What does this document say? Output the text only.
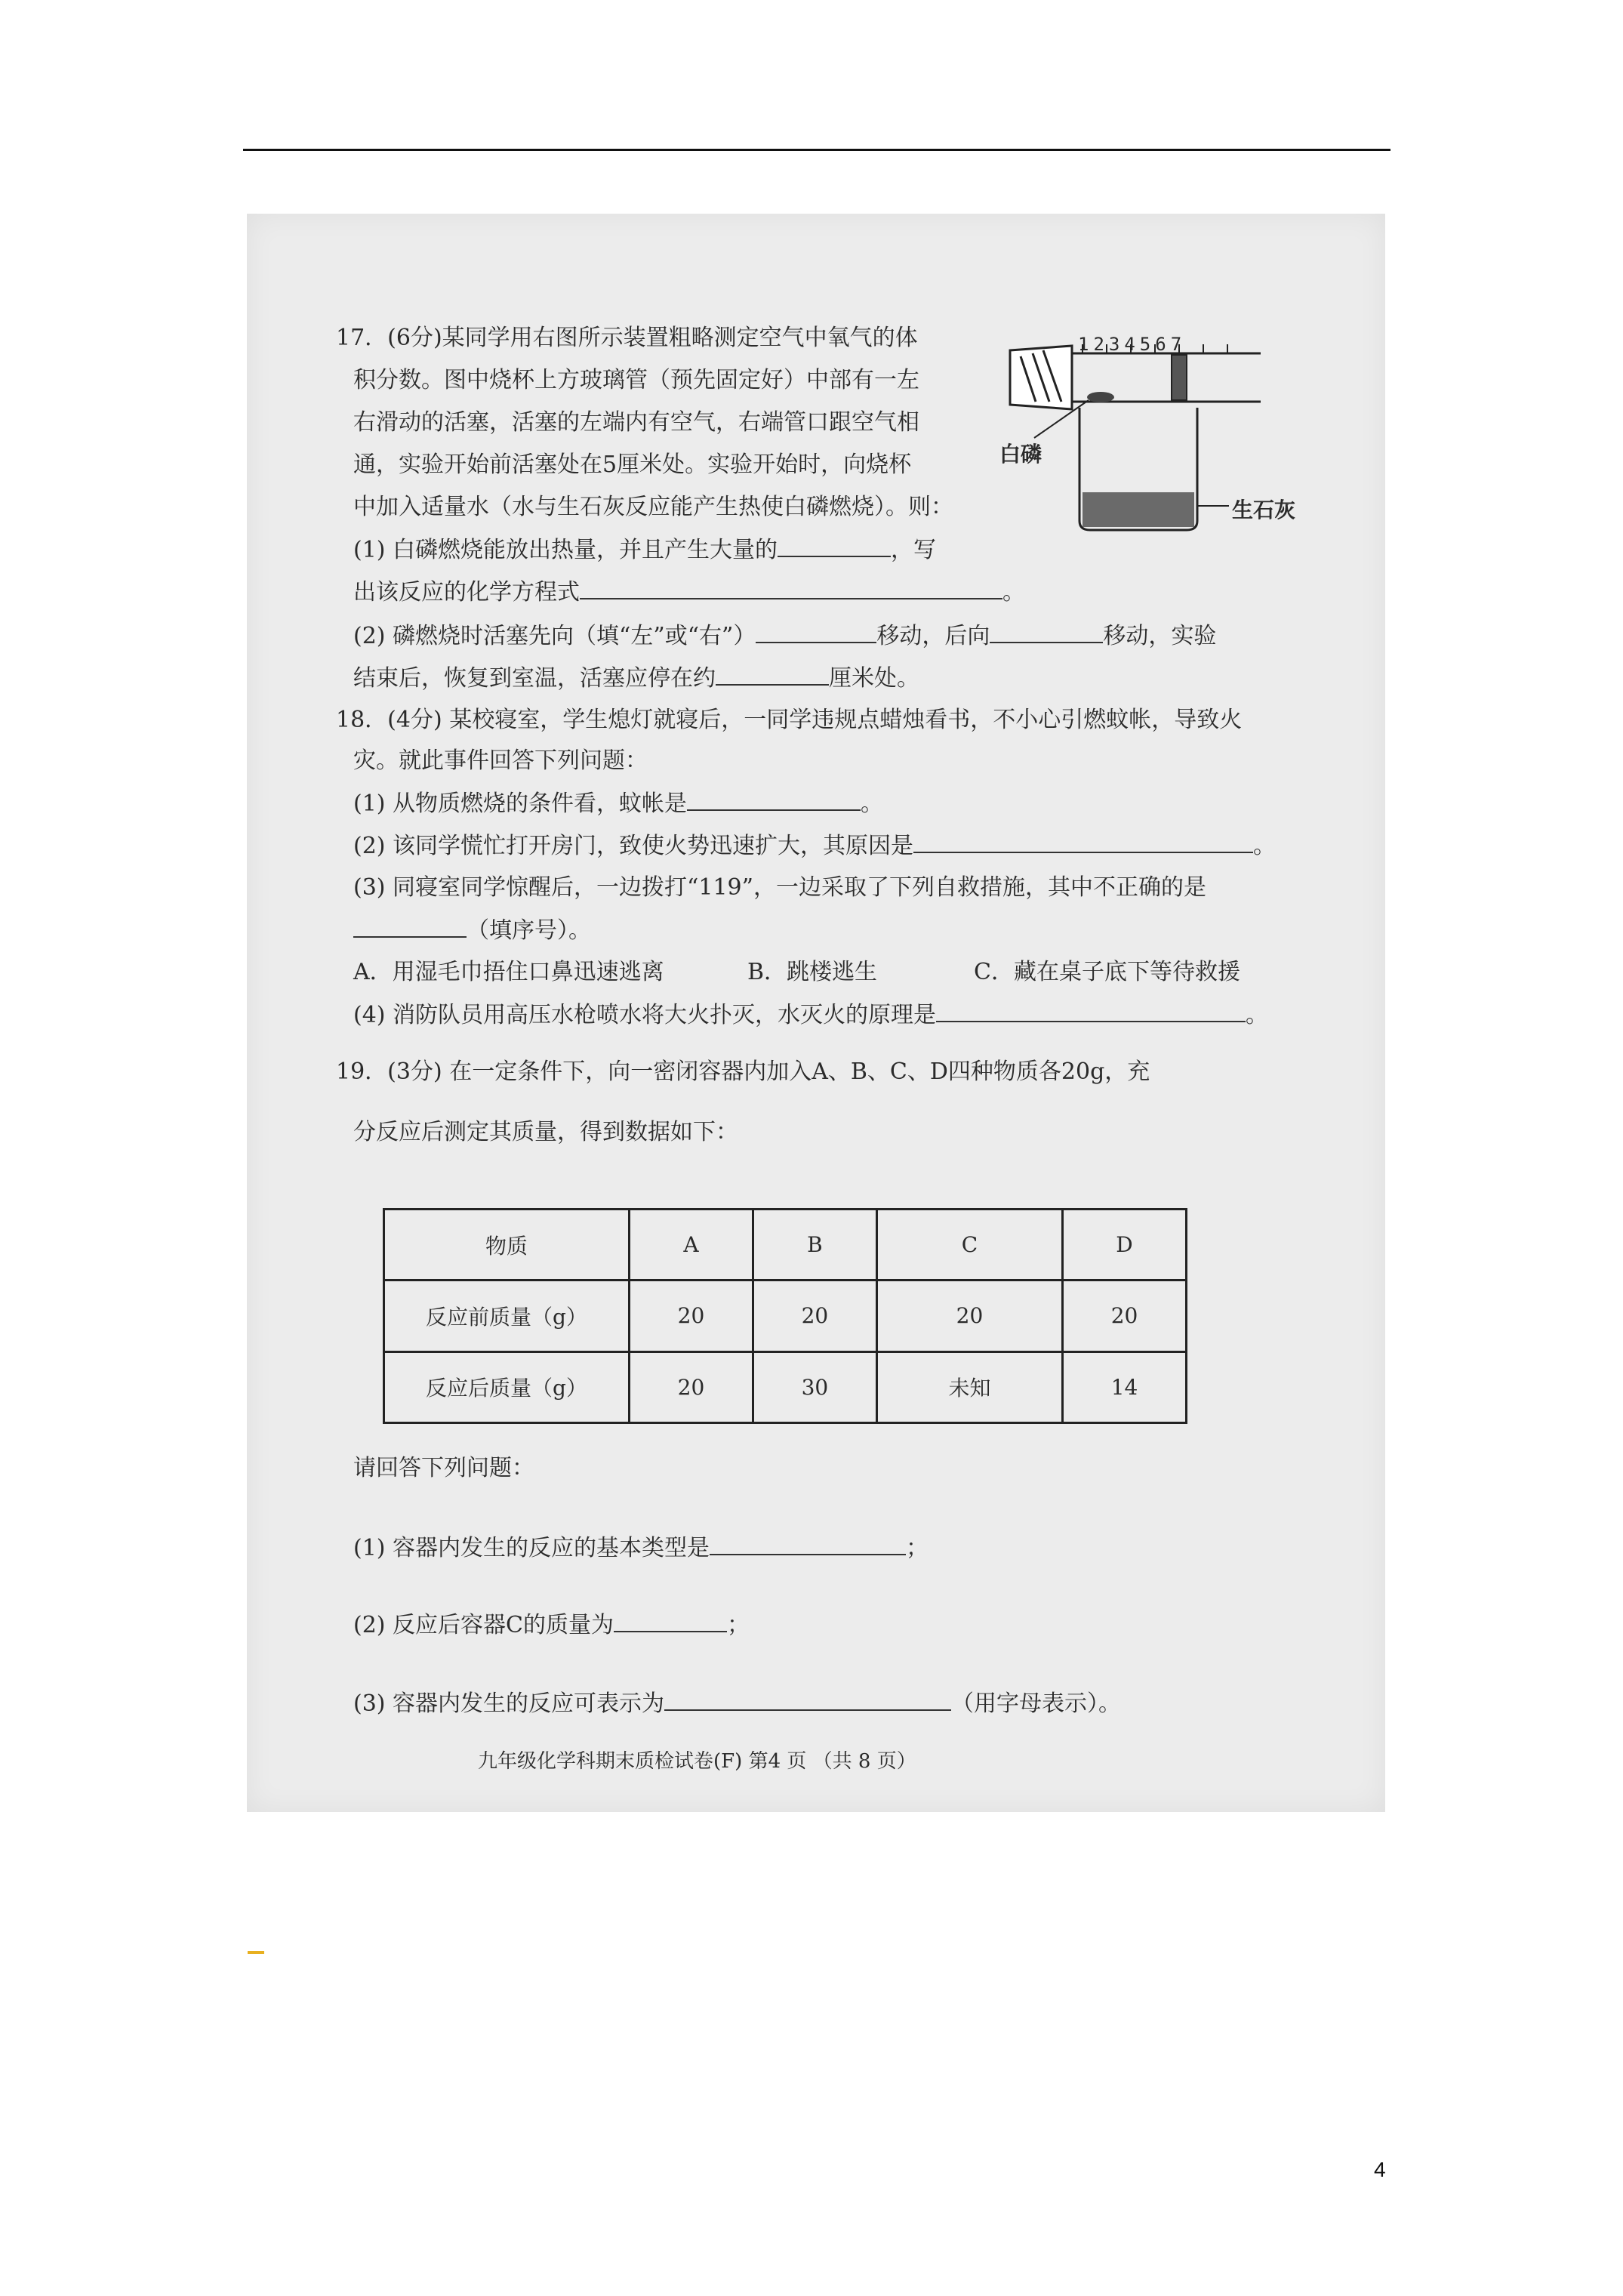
17．(6分)某同学用右图所示装置粗略测定空气中氧气的体
积分数。图中烧杯上方玻璃管（预先固定好）中部有一左
右滑动的活塞，活塞的左端内有空气，右端管口跟空气相
通，实验开始前活塞处在5厘米处。实验开始时，向烧杯
中加入适量水（水与生石灰反应能产生热使白磷燃烧）。则：
(1) 白磷燃烧能放出热量，并且产生大量的	，写
出该反应的化学方程式	。
(2) 磷燃烧时活塞先向（填“左”或“右”）	移动，后向	移动，实验
结束后，恢复到室温，活塞应停在约	厘米处。
1234567
白磷
生石灰
18．(4分) 某校寝室，学生熄灯就寝后，一同学违规点蜡烛看书，不小心引燃蚊帐，导致火
灾。就此事件回答下列问题：
(1) 从物质燃烧的条件看，蚊帐是	。
(2) 该同学慌忙打开房门，致使火势迅速扩大，其原因是	。
(3) 同寝室同学惊醒后，一边拨打“119”，一边采取了下列自救措施，其中不正确的是
（填序号）。
A．用湿毛巾捂住口鼻迅速逃离	B．跳楼逃生	C．藏在桌子底下等待救援
(4) 消防队员用高压水枪喷水将大火扑灭，水灭火的原理是	。
19．(3分) 在一定条件下，向一密闭容器内加入A、B、C、D四种物质各20g，充
分反应后测定其质量，得到数据如下：
物质	A	B	C	D
反应前质量（g）	20	20	20	20
反应后质量（g）	20	30	未知	14
请回答下列问题：
(1) 容器内发生的反应的基本类型是	；
(2) 反应后容器C的质量为	；
(3) 容器内发生的反应可表示为	（用字母表示）。
九年级化学科期末质检试卷(F) 第4 页 （共 8 页）
4
